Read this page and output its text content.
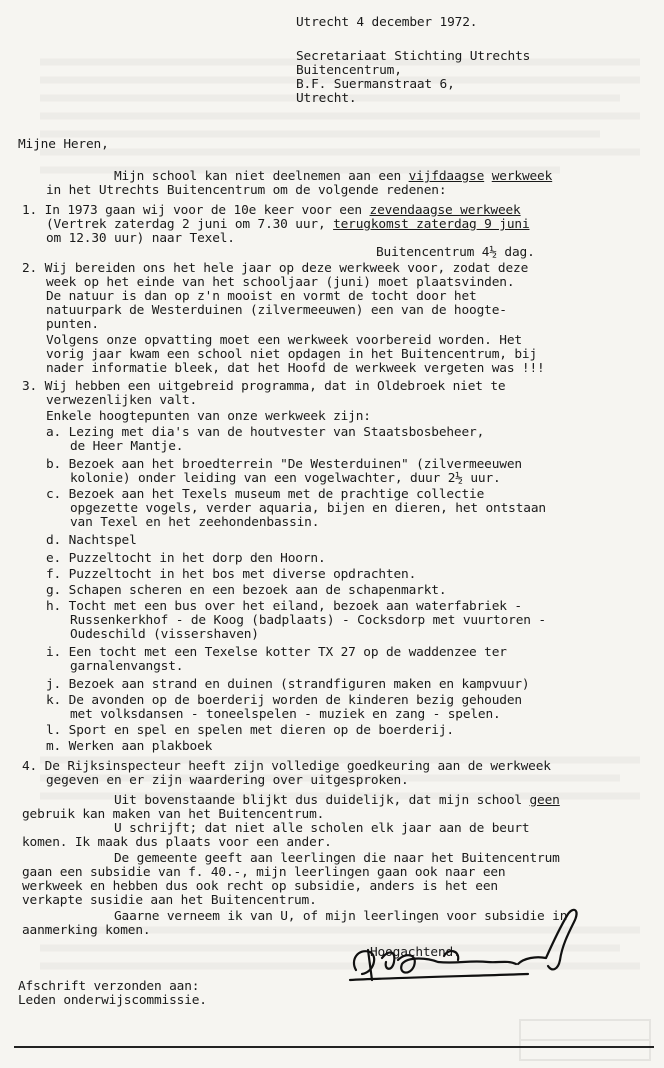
Utrecht 4 december 1972.
Secretariaat Stichting Utrechts
Buitencentrum,
B.F. Suermanstraat 6,
Utrecht.
Mijne Heren,
Mijn school kan niet deelnemen aan een vijfdaagse werkweek
in het Utrechts Buitencentrum om de volgende redenen:
1. In 1973 gaan wij voor de 10e keer voor een zevendaagse werkweek
(Vertrek zaterdag 2 juni om 7.30 uur, terugkomst zaterdag 9 juni
om 12.30 uur) naar Texel.
Buitencentrum 4½ dag.
2. Wij bereiden ons het hele jaar op deze werkweek voor, zodat deze
week op het einde van het schooljaar (juni) moet plaatsvinden.
De natuur is dan op z'n mooist en vormt de tocht door het
natuurpark de Westerduinen (zilvermeeuwen) een van de hoogte-
punten.
Volgens onze opvatting moet een werkweek voorbereid worden. Het
vorig jaar kwam een school niet opdagen in het Buitencentrum, bij
nader informatie bleek, dat het Hoofd de werkweek vergeten was !!!
3. Wij hebben een uitgebreid programma, dat in Oldebroek niet te
verwezenlijken valt.
Enkele hoogtepunten van onze werkweek zijn:
a. Lezing met dia's van de houtvester van Staatsbosbeheer,
de Heer Mantje.
b. Bezoek aan het broedterrein "De Westerduinen" (zilvermeeuwen
kolonie) onder leiding van een vogelwachter, duur 2½ uur.
c. Bezoek aan het Texels museum met de prachtige collectie
opgezette vogels, verder aquaria, bijen en dieren, het ontstaan
van Texel en het zeehondenbassin.
d. Nachtspel
e. Puzzeltocht in het dorp den Hoorn.
f. Puzzeltocht in het bos met diverse opdrachten.
g. Schapen scheren en een bezoek aan de schapenmarkt.
h. Tocht met een bus over het eiland, bezoek aan waterfabriek -
Russenkerkhof - de Koog (badplaats) - Cocksdorp met vuurtoren -
Oudeschild (vissershaven)
i. Een tocht met een Texelse kotter TX 27 op de waddenzee ter
garnalenvangst.
j. Bezoek aan strand en duinen (strandfiguren maken en kampvuur)
k. De avonden op de boerderij worden de kinderen bezig gehouden
met volksdansen - toneelspelen - muziek en zang - spelen.
l. Sport en spel en spelen met dieren op de boerderij.
m. Werken aan plakboek
4. De Rijksinspecteur heeft zijn volledige goedkeuring aan de werkweek
gegeven en er zijn waardering over uitgesproken.
Uit bovenstaande blijkt dus duidelijk, dat mijn school geen
gebruik kan maken van het Buitencentrum.
U schrijft; dat niet alle scholen elk jaar aan de beurt
komen. Ik maak dus plaats voor een ander.
De gemeente geeft aan leerlingen die naar het Buitencentrum
gaan een subsidie van f. 40.-, mijn leerlingen gaan ook naar een
werkweek en hebben dus ook recht op subsidie, anders is het een
verkapte susidie aan het Buitencentrum.
Gaarne verneem ik van U, of mijn leerlingen voor subsidie in
aanmerking komen.
Hoogachtend.
Afschrift verzonden aan:
Leden onderwijscommissie.
